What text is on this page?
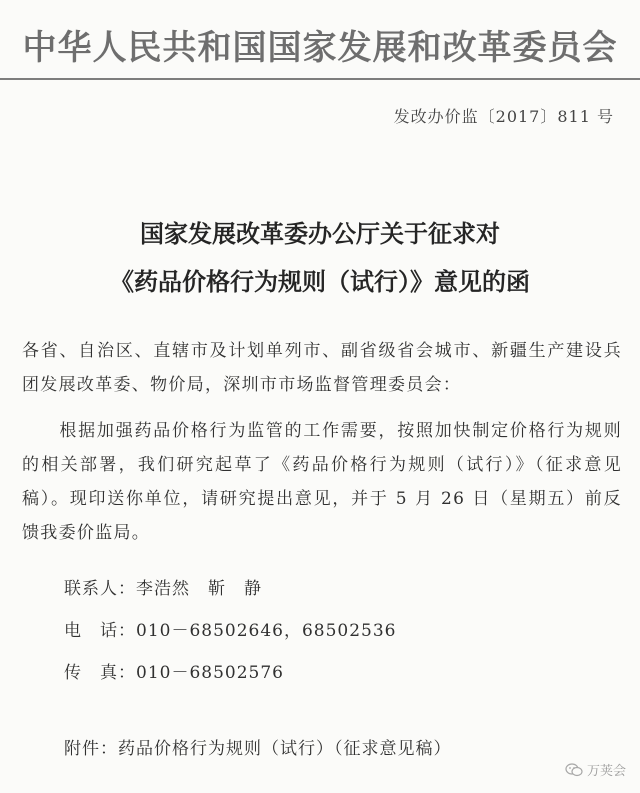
中华人民共和国国家发展和改革委员会
发改办价监〔2017〕811 号
国家发展改革委办公厅关于征求对
《药品价格行为规则（试行）》意见的函
各省、自治区、直辖市及计划单列市、副省级省会城市、新疆生产建设兵团发展改革委、物价局，深圳市市场监督管理委员会：
根据加强药品价格行为监管的工作需要，按照加快制定价格行为规则的相关部署，我们研究起草了《药品价格行为规则（试行）》（征求意见稿）。现印送你单位，请研究提出意见，并于 5 月 26 日（星期五）前反馈我委价监局。
联系人：李浩然　靳　静
电　话：010－68502646，68502536
传　真：010－68502576
附件：药品价格行为规则（试行）（征求意见稿）
万荚会
